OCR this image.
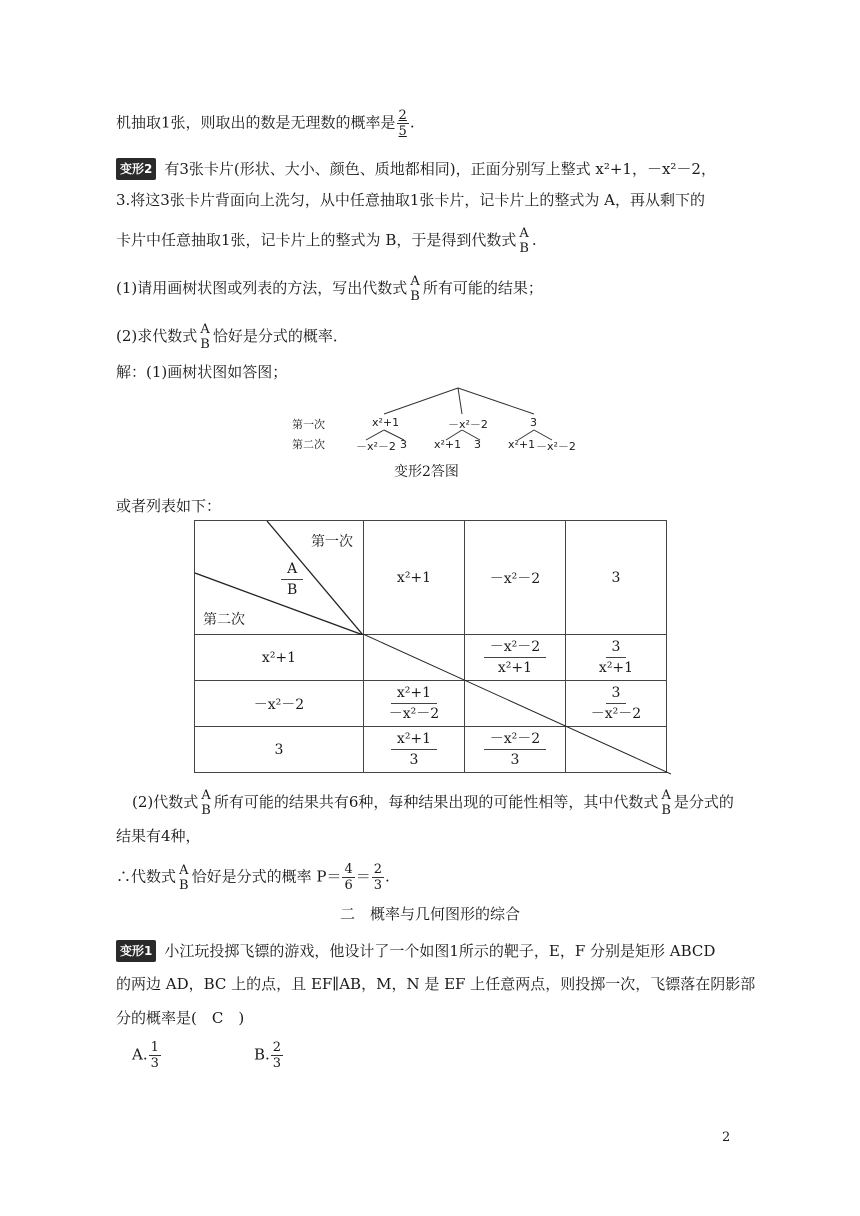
机抽取1张，则取出的数是无理数的概率是 $\frac{2}{5}$ .
变形2 有3张卡片(形状、大小、颜色、质地都相同)，正面分别写上整式 x²+1，－x²－2，
3.将这3张卡片背面向上洗匀，从中任意抽取1张卡片，记卡片上的整式为 A，再从剩下的
卡片中任意抽取1张，记卡片上的整式为 B，于是得到代数式 A
B .
(1)请用画树状图或列表的方法，写出代数式 A
B 所有可能的结果；
(2)求代数式 A
B 恰好是分式的概率．
解：(1)画树状图如答图；
第一次
第二次
x²+1	－x²－2	3
－x²－2 3 x²+1 3 x²+1 －x²－2
变形2答图
或者列表如下：
第一次
$\frac{A}{B}$
第二次	x²+1	－x²－2	3
x²+1		$\frac{\text{－x²－2}}{\text{x²+1}}$	$\frac{3}{\text{x²+1}}$

－x²－2	$\frac{\text{x²+1}}{\text{－x²－2}}$		$\frac{3}{\text{－x²－2}}$

3	$\frac{\text{x²+1}}{3}$	$\frac{\text{－x²－2}}{3}$

(2)代数式 A
B 所有可能的结果共有6种，每种结果出现的可能性相等，其中代数式 A
B 是分式的
结果有4种，
∴代数式 A
B 恰好是分式的概率 $P= \frac{4}{6} = \frac{2}{3}$ .
二　概率与几何图形的综合
变形1 小江玩投掷飞镖的游戏，他设计了一个如图1所示的靶子，E，F 分别是矩形 ABCD
的两边 AD，BC 上的点，且 EF∥AB，M，N 是 EF 上任意两点，则投掷一次，飞镖落在阴影部
分的概率是(　C　)
A. $\frac{1}{3}$	B. $\frac{2}{3}$
2
